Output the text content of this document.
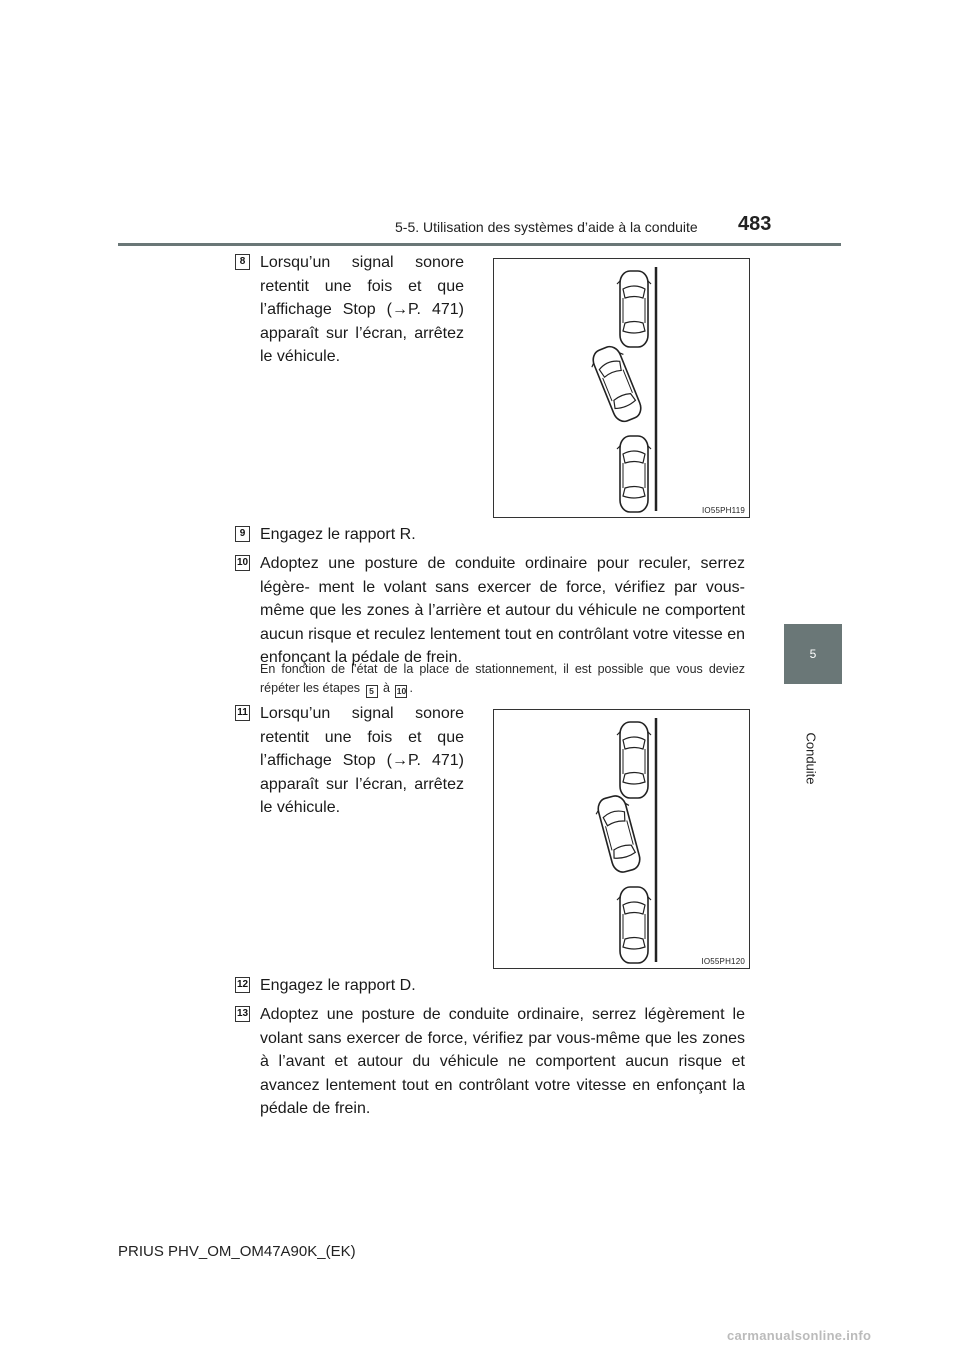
5-5. Utilisation des systèmes d’aide à la conduite 483
5
Conduite
8 Lorsqu’un signal sonore retentit une fois et que l’affichage Stop (→P. 471) apparaît sur l’écran, arrêtez le véhicule.
IO55PH119
9 Engagez le rapport R.
10 Adoptez une posture de conduite ordinaire pour reculer, serrez légère- ment le volant sans exercer de force, vérifiez par vous-même que les zones à l’arrière et autour du véhicule ne comportent aucun risque et reculez lentement tout en contrôlant votre vitesse en enfonçant la pédale de frein.
En fonction de l’état de la place de stationnement, il est possible que vous deviez répéter les étapes 5 à 10 .
11 Lorsqu’un signal sonore retentit une fois et que l’affichage Stop (→P. 471) apparaît sur l’écran, arrêtez le véhicule.
IO55PH120
12 Engagez le rapport D.
13 Adoptez une posture de conduite ordinaire, serrez légèrement le volant sans exercer de force, vérifiez par vous-même que les zones à l’avant et autour du véhicule ne comportent aucun risque et avancez lentement tout en contrôlant votre vitesse en enfonçant la pédale de frein.
PRIUS PHV_OM_OM47A90K_(EK)
carmanualsonline.info
